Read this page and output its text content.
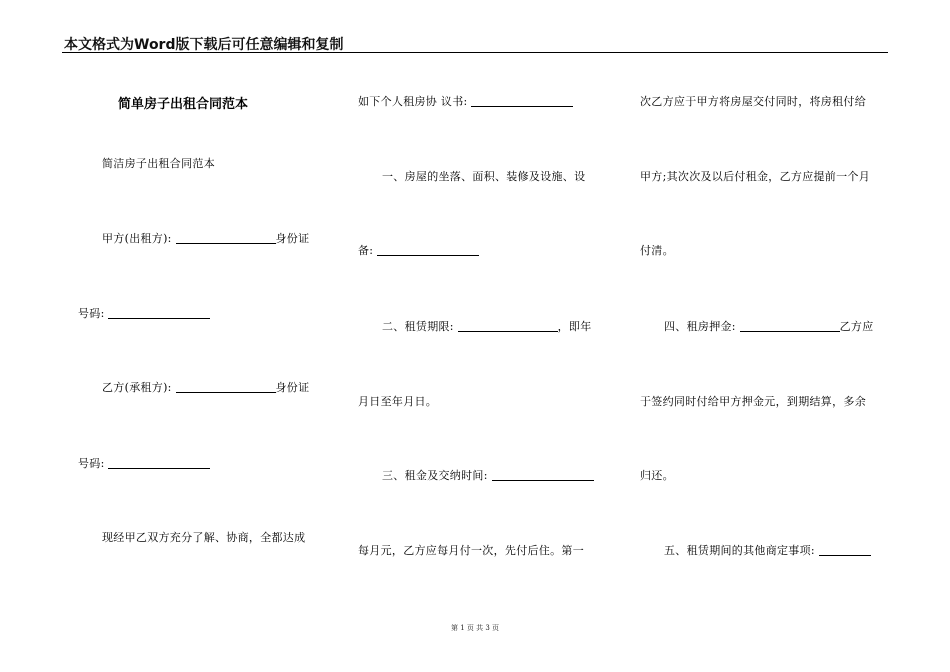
本文格式为Word版下载后可任意编辑和复制
简单房子出租合同范本
简洁房子出租合同范本
甲方(出租方):	身份证
号码:
乙方(承租方):	身份证
号码:
现经甲乙双方充分了解、协商，全都达成
如下个人租房协 议书:
一、房屋的坐落、面积、装修及设施、设
备:
二、租赁期限:	，即年
月日至年月日。
三、租金及交纳时间:
每月元，乙方应每月付一次，先付后住。第一
次乙方应于甲方将房屋交付同时，将房租付给
甲方;其次次及以后付租金，乙方应提前一个月
付清。
四、租房押金:	乙方应
于签约同时付给甲方押金元，到期结算，多余
归还。
五、租赁期间的其他商定事项:
第 1 页 共 3 页
